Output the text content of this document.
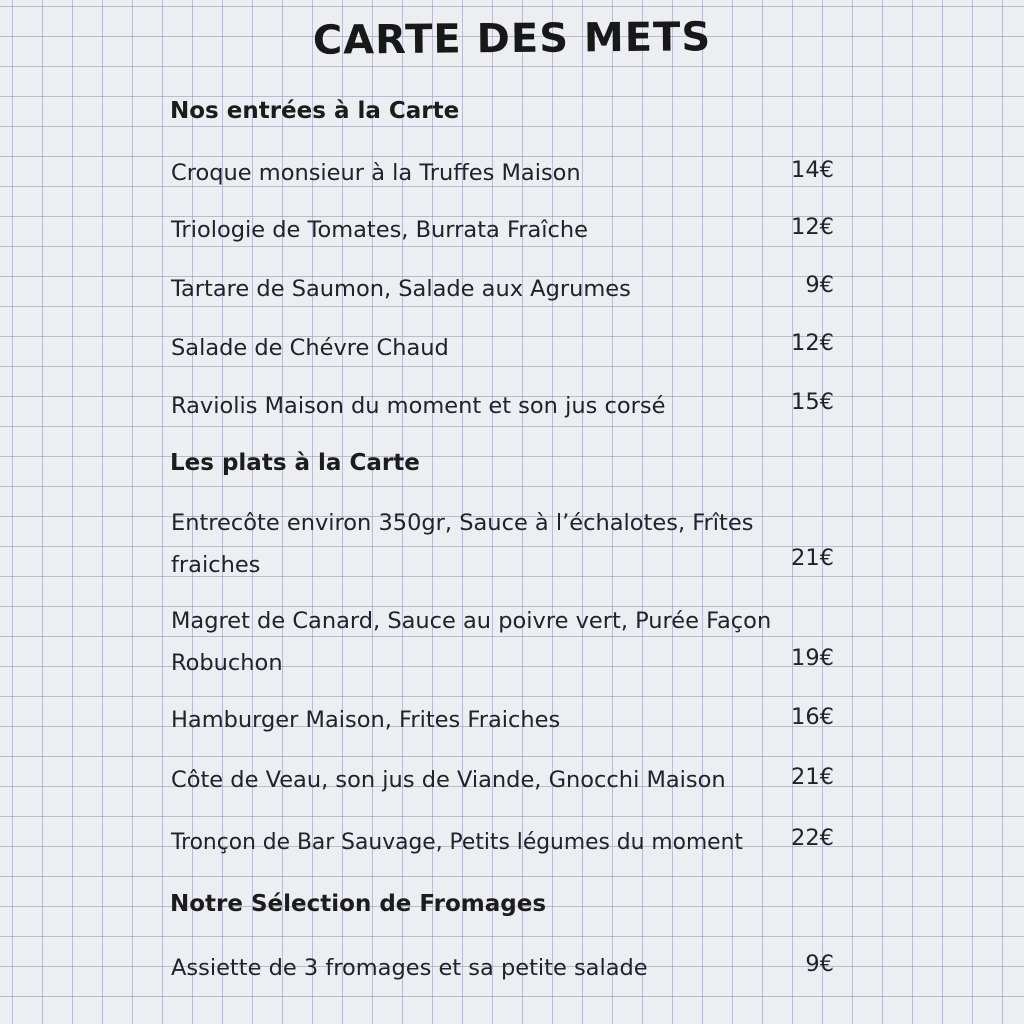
CARTE DES METS
Nos entrées à la Carte
Croque monsieur à la Truffes Maison	14€
Triologie de Tomates, Burrata Fraîche	12€
Tartare de Saumon, Salade aux Agrumes	9€
Salade de Chévre Chaud	12€
Raviolis Maison du moment et son jus corsé	15€
Les plats à la Carte
Entrecôte environ 350gr, Sauce à l’échalotes, Frîtes
fraiches	21€
Magret de Canard, Sauce au poivre vert, Purée Façon
Robuchon	19€
Hamburger Maison, Frites Fraiches	16€
Côte de Veau, son jus de Viande, Gnocchi Maison	21€
Tronçon de Bar Sauvage, Petits légumes du moment 22€
Notre Sélection de Fromages
Assiette de 3 fromages et sa petite salade	9€
